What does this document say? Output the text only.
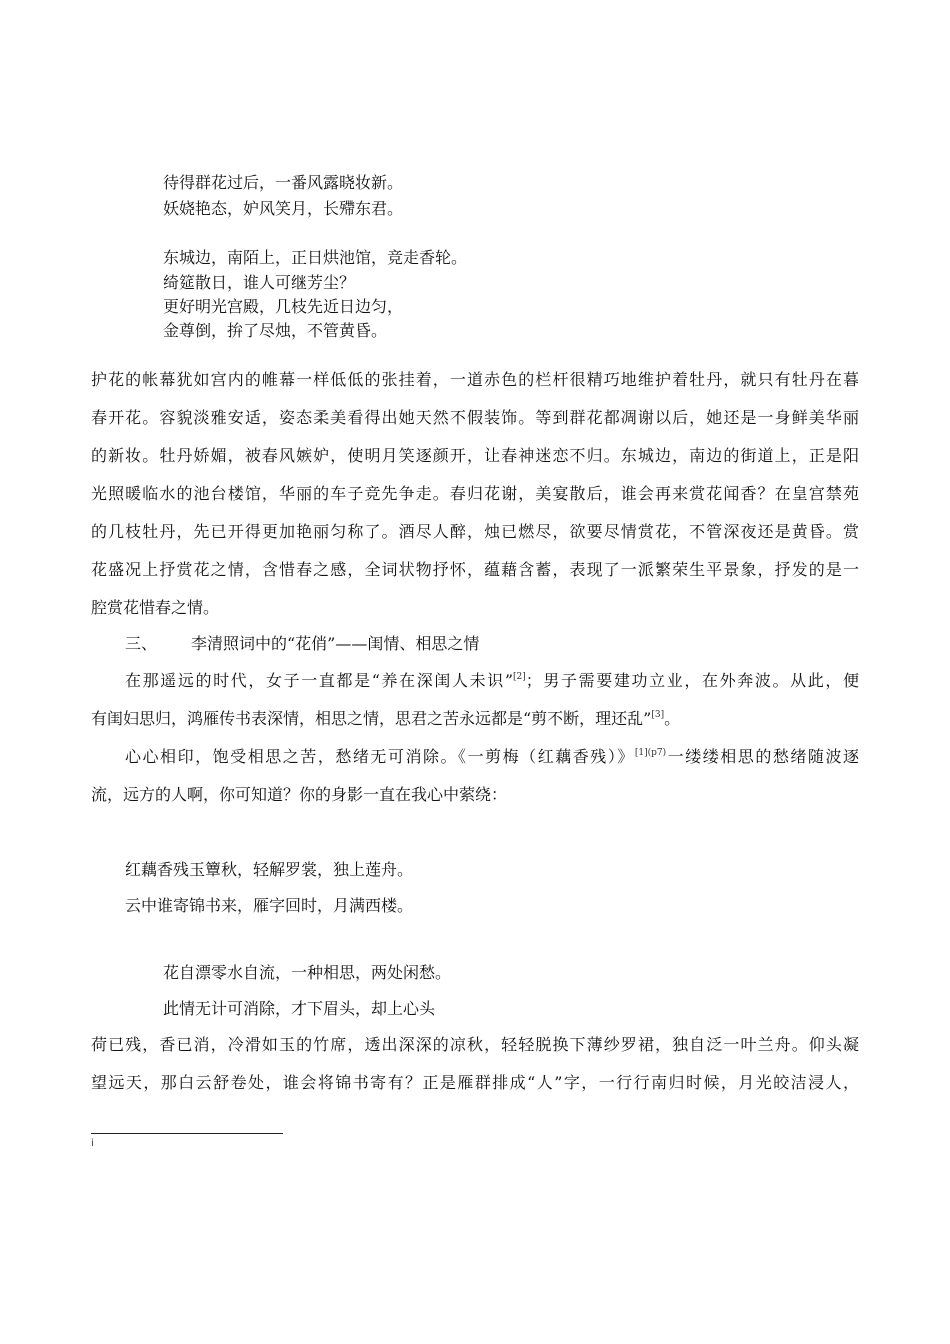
待得群花过后，一番风露晓妆新。
妖娆艳态，妒风笑月，长殢东君。
东城边，南陌上，正日烘池馆，竞走香轮。
绮筵散日，谁人可继芳尘？
更好明光宫殿，几枝先近日边匀，
金尊倒，拚了尽烛，不管黄昏。
护花的帐幕犹如宫内的帷幕一样低低的张挂着，一道赤色的栏杆很精巧地维护着牡丹，就只有牡丹在暮
春开花。容貌淡雅安适，姿态柔美看得出她天然不假装饰。等到群花都凋谢以后，她还是一身鲜美华丽
的新妆。牡丹娇媚，被春风嫉妒，使明月笑逐颜开，让春神迷恋不归。东城边，南边的街道上，正是阳
光照暖临水的池台楼馆，华丽的车子竞先争走。春归花谢，美宴散后，谁会再来赏花闻香？在皇宫禁苑
的几枝牡丹，先已开得更加艳丽匀称了。酒尽人醉，烛已燃尽，欲要尽情赏花，不管深夜还是黄昏。赏
花盛况上抒赏花之情，含惜春之感，全词状物抒怀，蕴藉含蓄，表现了一派繁荣生平景象，抒发的是一
腔赏花惜春之情。
三、 李清照词中的“花俏”——闺情、相思之情
在那遥远的时代，女子一直都是“养在深闺人未识”[2]；男子需要建功立业，在外奔波。从此，便
有闺妇思归，鸿雁传书表深情，相思之情，思君之苦永远都是“剪不断，理还乱”[3]。
心心相印，饱受相思之苦，愁绪无可消除。《一剪梅（红藕香残）》$^{[1](p7)}$一缕缕相思的愁绪随波逐
流，远方的人啊，你可知道？你的身影一直在我心中萦绕：
红藕香残玉簟秋，轻解罗裳，独上莲舟。
云中谁寄锦书来，雁字回时，月满西楼。
花自漂零水自流，一种相思，两处闲愁。
此情无计可消除，才下眉头，却上心头
荷已残，香已消，冷滑如玉的竹席，透出深深的凉秋，轻轻脱换下薄纱罗裙，独自泛一叶兰舟。仰头凝
望远天，那白云舒卷处，谁会将锦书寄有？正是雁群排成“人”字，一行行南归时候，月光皎洁浸人，
i
